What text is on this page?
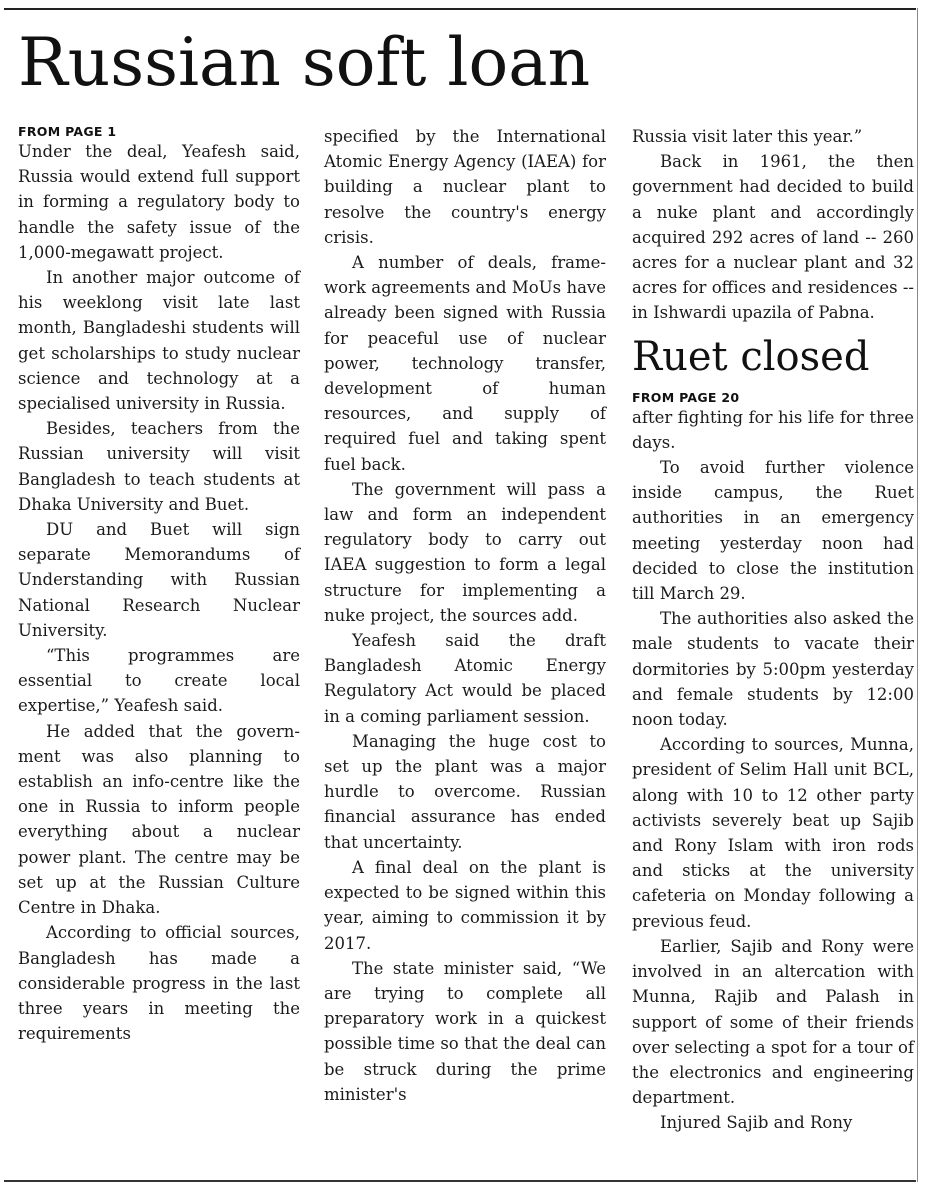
Russian soft loan
FROM PAGE 1

Under the deal, Yeafesh said, Russia would extend full support in forming a regulatory body to handle the safety issue of the 1,000-megawatt project.

In another major outcome of his weeklong visit late last month, Bangladeshi students will get scholarships to study nuclear science and technology at a specialised university in Russia.

Besides, teachers from the Russian university will visit Bangladesh to teach students at Dhaka University and Buet.

DU and Buet will sign separate Memorandums of Understanding with Russian National Research Nuclear University.

“This programmes are essential to create local expertise,” Yeafesh said.

He added that the government was also planning to establish an info-centre like the one in Russia to inform people everything about a nuclear power plant. The centre may be set up at the Russian Culture Centre in Dhaka.

According to official sources, Bangladesh has made a considerable progress in the last three years in meeting the requirements

specified by the International Atomic Energy Agency (IAEA) for building a nuclear plant to resolve the country's energy crisis.

A number of deals, framework agreements and MoUs have already been signed with Russia for peaceful use of nuclear power, technology transfer, development of human resources, and supply of required fuel and taking spent fuel back.

The government will pass a law and form an independent regulatory body to carry out IAEA suggestion to form a legal structure for implementing a nuke project, the sources add.

Yeafesh said the draft Bangladesh Atomic Energy Regulatory Act would be placed in a coming parliament session.

Managing the huge cost to set up the plant was a major hurdle to overcome. Russian financial assurance has ended that uncertainty.

A final deal on the plant is expected to be signed within this year, aiming to commission it by 2017.

The state minister said, “We are trying to complete all preparatory work in a quickest possible time so that the deal can be struck during the prime minister's

Russia visit later this year.”

Back in 1961, the then government had decided to build a nuke plant and accordingly acquired 292 acres of land -- 260 acres for a nuclear plant and 32 acres for offices and residences -- in Ishwardi upazila of Pabna.

Ruet closed
FROM PAGE 20

after fighting for his life for three days.

To avoid further violence inside campus, the Ruet authorities in an emergency meeting yesterday noon had decided to close the institution till March 29.

The authorities also asked the male students to vacate their dormitories by 5:00pm yesterday and female students by 12:00 noon today.

According to sources, Munna, president of Selim Hall unit BCL, along with 10 to 12 other party activists severely beat up Sajib and Rony Islam with iron rods and sticks at the university cafeteria on Monday following a previous feud.

Earlier, Sajib and Rony were involved in an altercation with Munna, Rajib and Palash in support of some of their friends over selecting a spot for a tour of the electronics and engineering department.

Injured Sajib and Rony
